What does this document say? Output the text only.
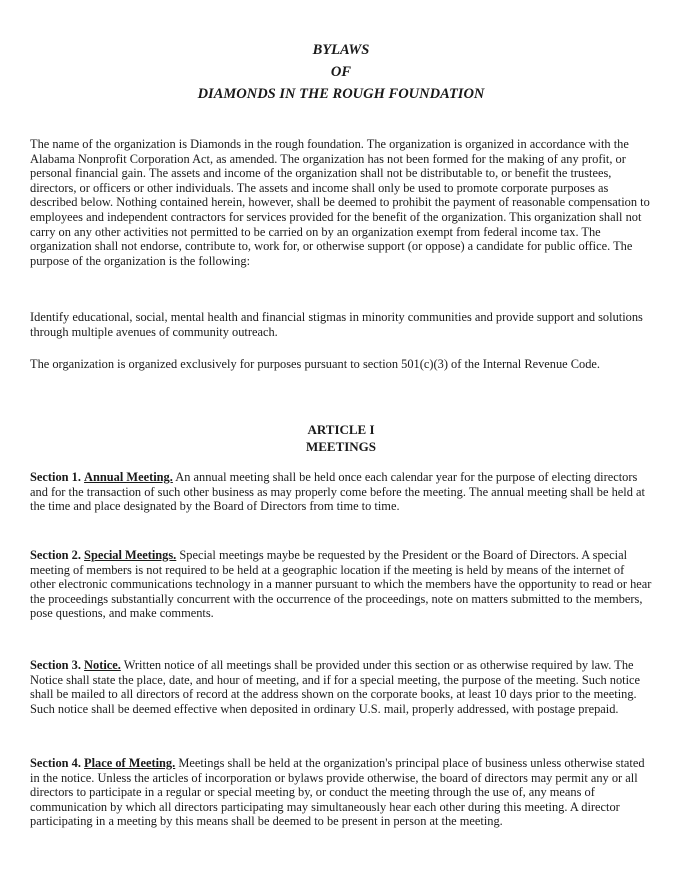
BYLAWS

OF

DIAMONDS IN THE ROUGH FOUNDATION

The name of the organization is Diamonds in the rough foundation. The organization is organized in accordance with the Alabama Nonprofit Corporation Act, as amended. The organization has not been formed for the making of any profit, or personal financial gain. The assets and income of the organization shall not be distributable to, or benefit the trustees, directors, or officers or other individuals. The assets and income shall only be used to promote corporate purposes as described below. Nothing contained herein, however, shall be deemed to prohibit the payment of reasonable compensation to employees and independent contractors for services provided for the benefit of the organization. This organization shall not carry on any other activities not permitted to be carried on by an organization exempt from federal income tax. The organization shall not endorse, contribute to, work for, or otherwise support (or oppose) a candidate for public office. The purpose of the organization is the following:

Identify educational, social, mental health and financial stigmas in minority communities and provide support and solutions through multiple avenues of community outreach.

The organization is organized exclusively for purposes pursuant to section 501(c)(3) of the Internal Revenue Code.

ARTICLE I

MEETINGS

Section 1. Annual Meeting. An annual meeting shall be held once each calendar year for the purpose of electing directors and for the transaction of such other business as may properly come before the meeting. The annual meeting shall be held at the time and place designated by the Board of Directors from time to time.

Section 2. Special Meetings. Special meetings maybe be requested by the President or the Board of Directors. A special meeting of members is not required to be held at a geographic location if the meeting is held by means of the internet of other electronic communications technology in a manner pursuant to which the members have the opportunity to read or hear the proceedings substantially concurrent with the occurrence of the proceedings, note on matters submitted to the members, pose questions, and make comments.

Section 3. Notice. Written notice of all meetings shall be provided under this section or as otherwise required by law. The Notice shall state the place, date, and hour of meeting, and if for a special meeting, the purpose of the meeting. Such notice shall be mailed to all directors of record at the address shown on the corporate books, at least 10 days prior to the meeting. Such notice shall be deemed effective when deposited in ordinary U.S. mail, properly addressed, with postage prepaid.

Section 4. Place of Meeting. Meetings shall be held at the organization's principal place of business unless otherwise stated in the notice. Unless the articles of incorporation or bylaws provide otherwise, the board of directors may permit any or all directors to participate in a regular or special meeting by, or conduct the meeting through the use of, any means of communication by which all directors participating may simultaneously hear each other during this meeting. A director participating in a meeting by this means shall be deemed to be present in person at the meeting.
